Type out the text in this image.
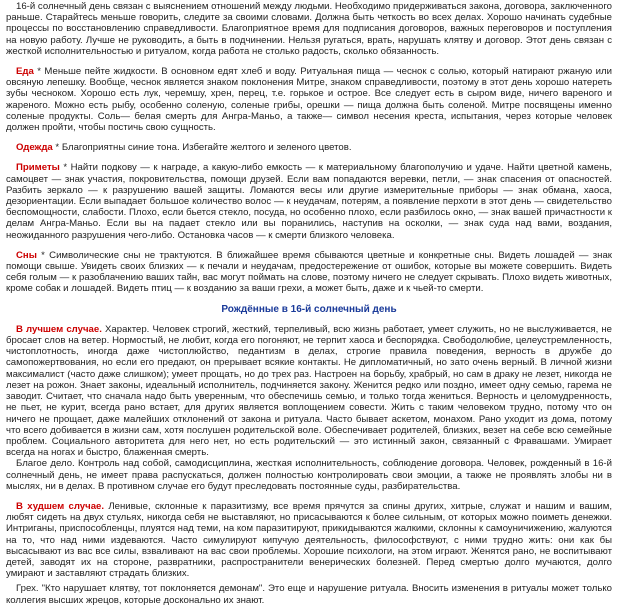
16-й солнечный день связан с выяснением отношений между людьми. Необходимо придерживаться закона, договора, заключенного раньше. Старайтесь меньше говорить, следите за своими словами. Должна быть четкость во всех делах. Хорошо начинать судебные процессы по восстановлению справедливости. Благоприятное время для подписания договоров, важных переговоров и поступления на новую работу. Лучше не руководить, а быть в подчинении. Нельзя ругаться, врать, нарушать клятву и договор. Этот день связан с жесткой исполнительностью и ритуалом, когда работа не столько радость, сколько обязанность.

Еда * Меньше пейте жидкости. В основном едят хлеб и воду. Ритуальная пища — чеснок с солью, который натирают ржаную или овсяную лепешку. Вообще, чеснок является знаком поклонения Митре, знаком справедливости, поэтому в этот день хорошо натереть зубы чесноком. Хорошо есть лук, черемшу, хрен, перец, т.е. горькое и острое. Все следует есть в сыром виде, ничего вареного и жареного. Можно есть рыбу, особенно соленую, соленые грибы, орешки — пища должна быть соленой. Митре посвящены именно соленые продукты. Соль— белая смерть для Ангра-Маньо, а также— символ несения креста, испытания, через которые человек должен пройти, чтобы постичь свою сущность.

Одежда * Благоприятны синие тона. Избегайте желтого и зеленого цветов.

Приметы * Найти подкову — к награде, а какую-либо емкость — к материальному благополучию и удаче. Найти цветной камень, самоцвет — знак участия, покровительства, помощи друзей. Если вам попадаются веревки, петли, — знак спасения от опасностей. Разбить зеркало — к разрушению вашей защиты. Ломаются весы или другие измерительные приборы — знак обмана, хаоса, дезориентации. Если выпадает большое количество волос — к неудачам, потерям, а появление перхоти в этот день — свидетельство беспомощности, слабости. Плохо, если бьется стекло, посуда, но особенно плохо, если разбилось окно, — знак вашей причастности к делам Ангра-Маньо. Если вы на падает стекло или вы поранились, наступив на осколки, — знак суда над вами, воздания, неожиданного разрушения чего-либо. Остановка часов — к смерти близкого человека.

Сны * Символические сны не трактуются. В ближайшее время сбываются цветные и конкретные сны. Видеть лошадей — знак помощи свыше. Увидеть своих близких — к печали и неудачам, предостережение от ошибок, которые вы можете совершить. Видеть себя голым — к разоблачению ваших тайн, вас могут поймать на слове, поэтому ничего не следует скрывать. Плохо видеть животных, кроме собак и лошадей. Видеть птиц — к возданию за ваши грехи, а может быть, даже и к чьей-то смерти.

Рождённые в 16-й солнечный день

В лучшем случае. Характер. Человек строгий, жесткий, терпеливый, всю жизнь работает, умеет служить, но не выслуживается, не бросает слов на ветер. Нормостый, не любит, когда его погоняют, не терпит хаоса и беспорядка. Свободолюбие, целеустремленность, чистоплотность, иногда даже чистоплюйство, педантизм в делах, строгие правила поведения, верность в дружбе до самопожертвования, но если его предают, он прерывает всякие контакты. Не дипломатичный, но зато очень верный. В личной жизни максималист (часто даже слишком); умеет прощать, но до трех раз. Настроен на борьбу, храбрый, но сам в драку не лезет, никогда не лезет на рожон. Знает законы, идеальный исполнитель, подчиняется закону. Женится редко или поздно, имеет одну семью, гарема не заводит. Считает, что сначала надо быть уверенным, что обеспечишь семью, и только тогда жениться. Верность и целомудренность, не пьет, не курит, всегда рано встает, для других является воплощением совести. Жить с таким человеком трудно, потому что он ничего не прощает, даже малейших отклонений от закона и ритуала. Часто бывает аскетом, монахом. Рано уходит из дома, потому что всего добивается в жизни сам, хотя послушен родительской воле. Обеспечивает родителей, близких, везет на себе всю семейные проблем. Социального авторитета для него нет, но есть родительский — это истинный закон, связанный с Фравашами. Умирает всегда на ногах и быстро, блаженная смерть.

Благое дело. Контроль над собой, самодисциплина, жесткая исполнительность, соблюдение договора. Человек, рожденный в 16-й солнечный день, не имеет права распускаться, должен полностью контролировать свои эмоции, а также не проявлять злобы ни в мыслях, ни в делах. В противном случае его будут преследовать постоянные суды, разбирательства.

В худшем случае. Ленивые, склонные к паразитизму, все время прячутся за спины других, хитрые, служат и нашим и вашим, любят сидеть на двух стульях, никогда себя не выставляют, но присасываются к более сильным, от которых можно поиметь денежки. Интриганы, приспособленцы, плуятся над теми, на ком паразитируют, прикидываются жалкими, склонны к самоуничижению, жалуются на то, что над ними издеваются. Часто симулируют кипучую деятельность, философствуют, с ними трудно жить: они как бы высасывают из вас все силы, взваливают на вас свои проблемы. Хорошие психологи, на этом играют. Женятся рано, не воспитывают детей, заводят их на стороне, развратники, распространители венерических болезней. Перед смертью долго мучаются, долго умирают и заставляют страдать близких.

Грех. "Кто нарушает клятву, тот поклоняется демонам". Это еще и нарушение ритуала. Вносить изменения в ритуалы может только коллегия высших жрецов, которые досконально их знают.
